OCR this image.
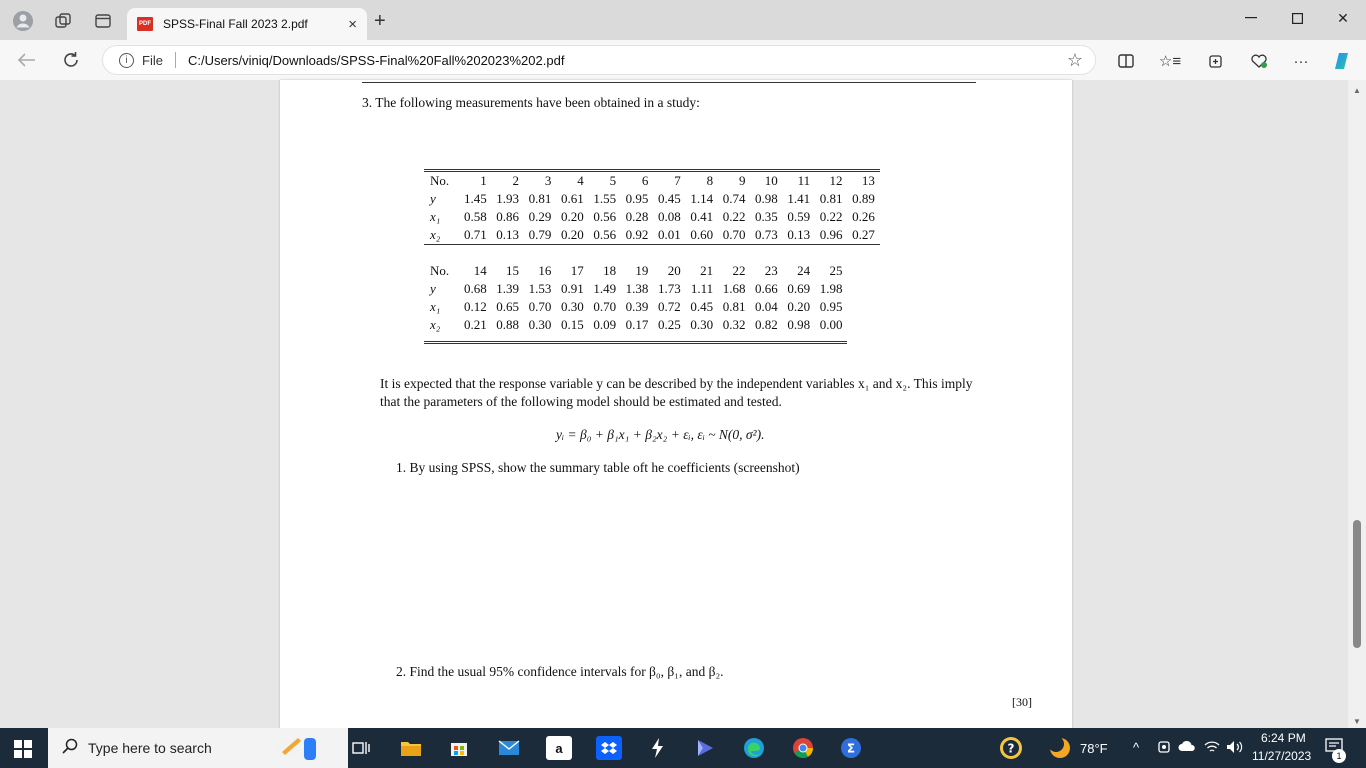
PDF SPSS-Final Fall 2023 2.pdf	× +	✕
i	File C:/Users/viniq/Downloads/SPSS-Final%20Fall%202023%202.pdf	☆	☆≡	···
3. The following measurements have been obtained in a study:
No.	1	2	3	4	5	6	7	8	9	10	11	12	13
y	1.45	1.93	0.81	0.61	1.55	0.95	0.45	1.14	0.74	0.98	1.41	0.81	0.89
x₁	0.58	0.86	0.29	0.20	0.56	0.28	0.08	0.41	0.22	0.35	0.59	0.22	0.26
x₂	0.71	0.13	0.79	0.20	0.56	0.92	0.01	0.60	0.70	0.73	0.13	0.96	0.27
No.	14	15	16	17	18	19	20	21	22	23	24	25
y	0.68	1.39	1.53	0.91	1.49	1.38	1.73	1.11	1.68	0.66	0.69	1.98
x₁	0.12	0.65	0.70	0.30	0.70	0.39	0.72	0.45	0.81	0.04	0.20	0.95
x₂	0.21	0.88	0.30	0.15	0.09	0.17	0.25	0.30	0.32	0.82	0.98	0.00

It is expected that the response variable y can be described by the independent variables x₁ and x₂. This imply that the parameters of the following model should be estimated and tested.
yᵢ = β₀ + β₁x₁ + β₂x₂ + εᵢ, εᵢ ~ N(0, σ²).
1. By using SPSS, show the summary table oft he coefficients (screenshot)
2. Find the usual 95% confidence intervals for β₀, β₁, and β₂.
[30]
▲
▼
Type here to search	a	Σ	?	78°F ^
6:24 PM
11/27/2023	1
